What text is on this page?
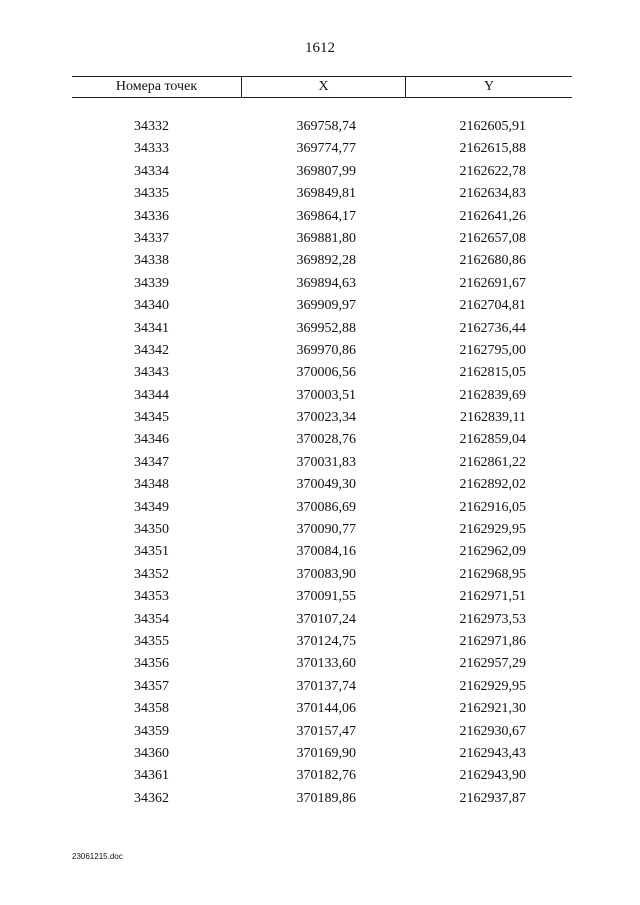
1612
Номера точек	X	Y
34332	369758,74	2162605,91
34333	369774,77	2162615,88
34334	369807,99	2162622,78
34335	369849,81	2162634,83
34336	369864,17	2162641,26
34337	369881,80	2162657,08
34338	369892,28	2162680,86
34339	369894,63	2162691,67
34340	369909,97	2162704,81
34341	369952,88	2162736,44
34342	369970,86	2162795,00
34343	370006,56	2162815,05
34344	370003,51	2162839,69
34345	370023,34	2162839,11
34346	370028,76	2162859,04
34347	370031,83	2162861,22
34348	370049,30	2162892,02
34349	370086,69	2162916,05
34350	370090,77	2162929,95
34351	370084,16	2162962,09
34352	370083,90	2162968,95
34353	370091,55	2162971,51
34354	370107,24	2162973,53
34355	370124,75	2162971,86
34356	370133,60	2162957,29
34357	370137,74	2162929,95
34358	370144,06	2162921,30
34359	370157,47	2162930,67
34360	370169,90	2162943,43
34361	370182,76	2162943,90
34362	370189,86	2162937,87
23061215.doc
